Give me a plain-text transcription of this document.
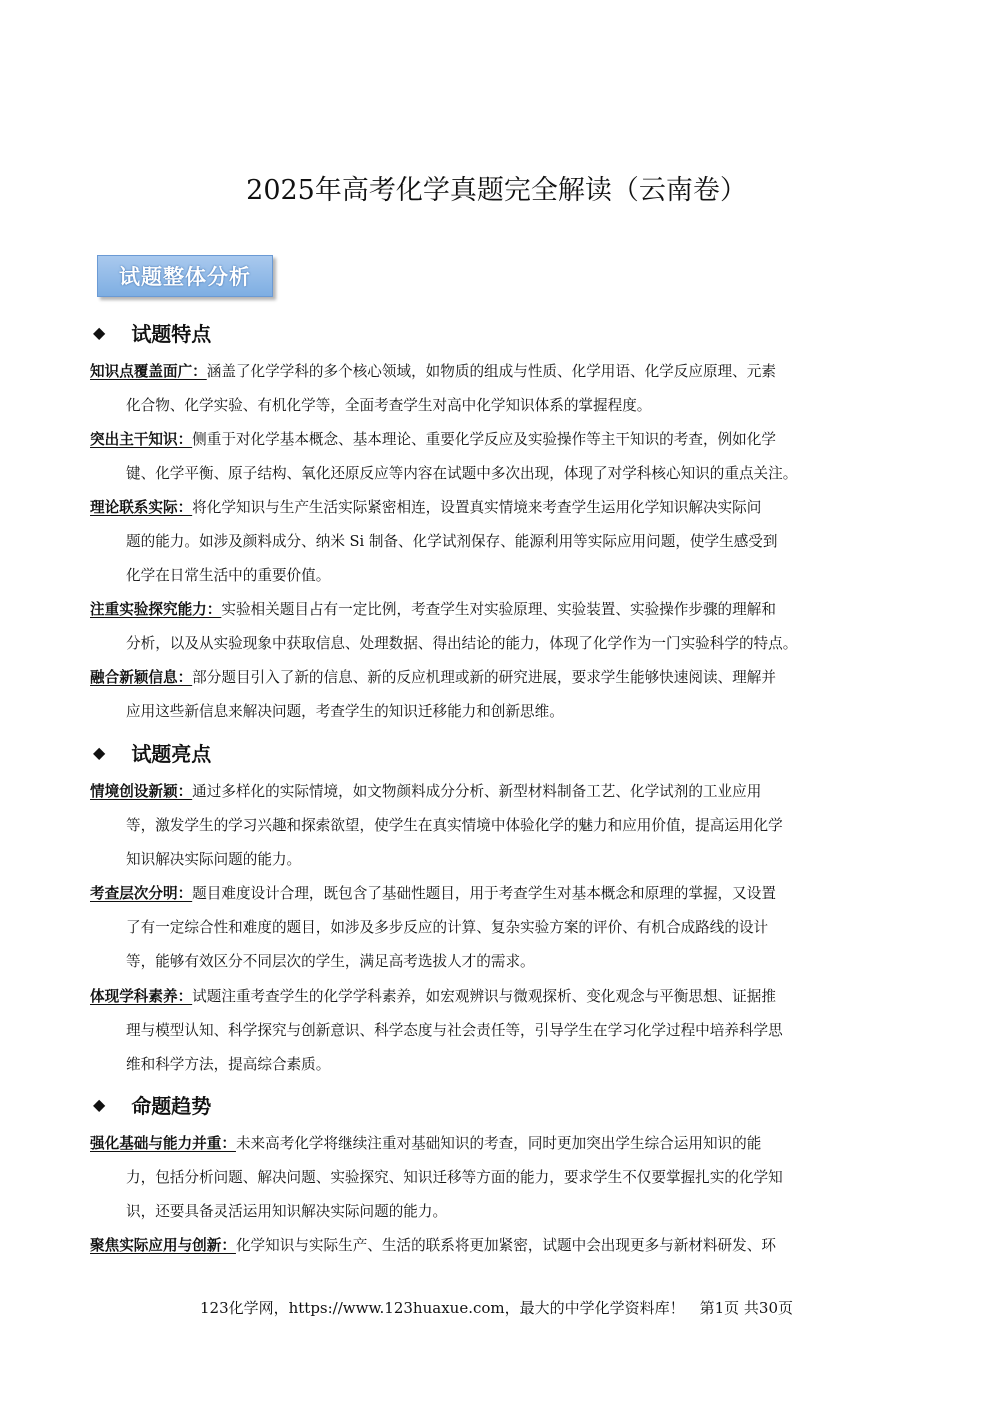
2025年高考化学真题完全解读（云南卷）
试题整体分析
◆ 试题特点
◆ 试题亮点
◆ 命题趋势
知识点覆盖面广：涵盖了化学学科的多个核心领域，如物质的组成与性质、化学用语、化学反应原理、元素
化合物、化学实验、有机化学等，全面考查学生对高中化学知识体系的掌握程度。
突出主干知识：侧重于对化学基本概念、基本理论、重要化学反应及实验操作等主干知识的考查，例如化学
键、化学平衡、原子结构、氧化还原反应等内容在试题中多次出现，体现了对学科核心知识的重点关注。
理论联系实际：将化学知识与生产生活实际紧密相连，设置真实情境来考查学生运用化学知识解决实际问
题的能力。如涉及颜料成分、纳米 Si 制备、化学试剂保存、能源利用等实际应用问题，使学生感受到
化学在日常生活中的重要价值。
注重实验探究能力：实验相关题目占有一定比例，考查学生对实验原理、实验装置、实验操作步骤的理解和
分析，以及从实验现象中获取信息、处理数据、得出结论的能力，体现了化学作为一门实验科学的特点。
融合新颖信息：部分题目引入了新的信息、新的反应机理或新的研究进展，要求学生能够快速阅读、理解并
应用这些新信息来解决问题，考查学生的知识迁移能力和创新思维。
情境创设新颖：通过多样化的实际情境，如文物颜料成分分析、新型材料制备工艺、化学试剂的工业应用
等，激发学生的学习兴趣和探索欲望，使学生在真实情境中体验化学的魅力和应用价值，提高运用化学
知识解决实际问题的能力。
考查层次分明：题目难度设计合理，既包含了基础性题目，用于考查学生对基本概念和原理的掌握，又设置
了有一定综合性和难度的题目，如涉及多步反应的计算、复杂实验方案的评价、有机合成路线的设计
等，能够有效区分不同层次的学生，满足高考选拔人才的需求。
体现学科素养：试题注重考查学生的化学学科素养，如宏观辨识与微观探析、变化观念与平衡思想、证据推
理与模型认知、科学探究与创新意识、科学态度与社会责任等，引导学生在学习化学过程中培养科学思
维和科学方法，提高综合素质。
强化基础与能力并重：未来高考化学将继续注重对基础知识的考查，同时更加突出学生综合运用知识的能
力，包括分析问题、解决问题、实验探究、知识迁移等方面的能力，要求学生不仅要掌握扎实的化学知
识，还要具备灵活运用知识解决实际问题的能力。
聚焦实际应用与创新：化学知识与实际生产、生活的联系将更加紧密，试题中会出现更多与新材料研发、环
123化学网，https://www.123huaxue.com，最大的中学化学资料库！　第1页 共30页
